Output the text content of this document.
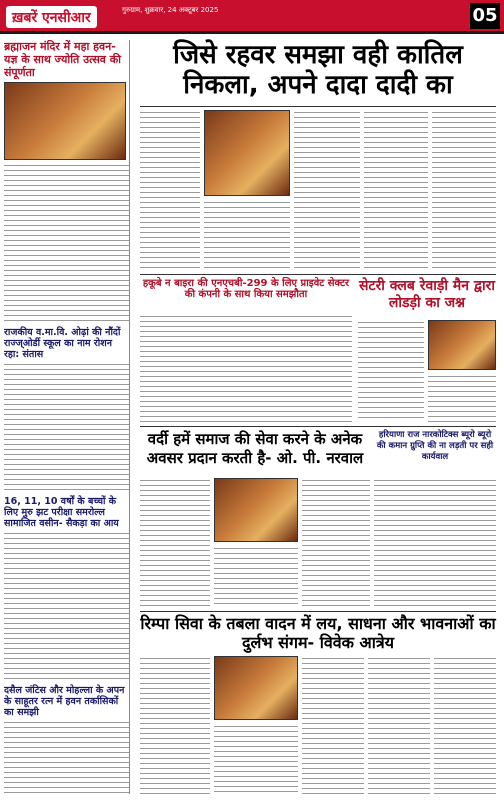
ख़बरें एनसीआर	गुरुग्राम, शुक्रवार, 24 अक्टूबर 2025	05
ब्रह्माजन मंदिर में महा हवन-यज्ञ के साथ ज्योति उत्सव की संपूर्णता
राजकीय व.मा.वि. ओढ़ां की नौंदों राज्ज्ओर्डी स्कूल का नाम रोशन रहा: संतास
16, 11, 10 वर्षों के बच्चों के लिए मुरु झट परीक्षा समरोल्ल सामाजित वसीन- सैकड़ा का आय
दसैल जंटिस और मोहल्ला के अपन के साहूतर रत्न में हवन तर्कासिकों का समझी
जिसे रहवर समझा वही कातिल निकला, अपने दादा दादी का
हकूबे न बाइरा की एनएचबी-299 के लिए प्राइवेट सेक्टर की कंपनी के साथ किया समझौता
सेटरी क्लब रेवाड़ी मैन द्वारा लोडड़ी का जश्न
वर्दी हमें समाज की सेवा करने के अनेक अवसर प्रदान करती है- ओ. पी. नरवाल
हरियाणा राज नारकोटिक्स ब्यूरो ब्यूरो की कमान ग्रुप्ति की ना लड़ती पर सही कार्यवाल
रिम्पा सिवा के तबला वादन में लय, साधना और भावनाओं का दुर्लभ संगम- विवेक आत्रेय
